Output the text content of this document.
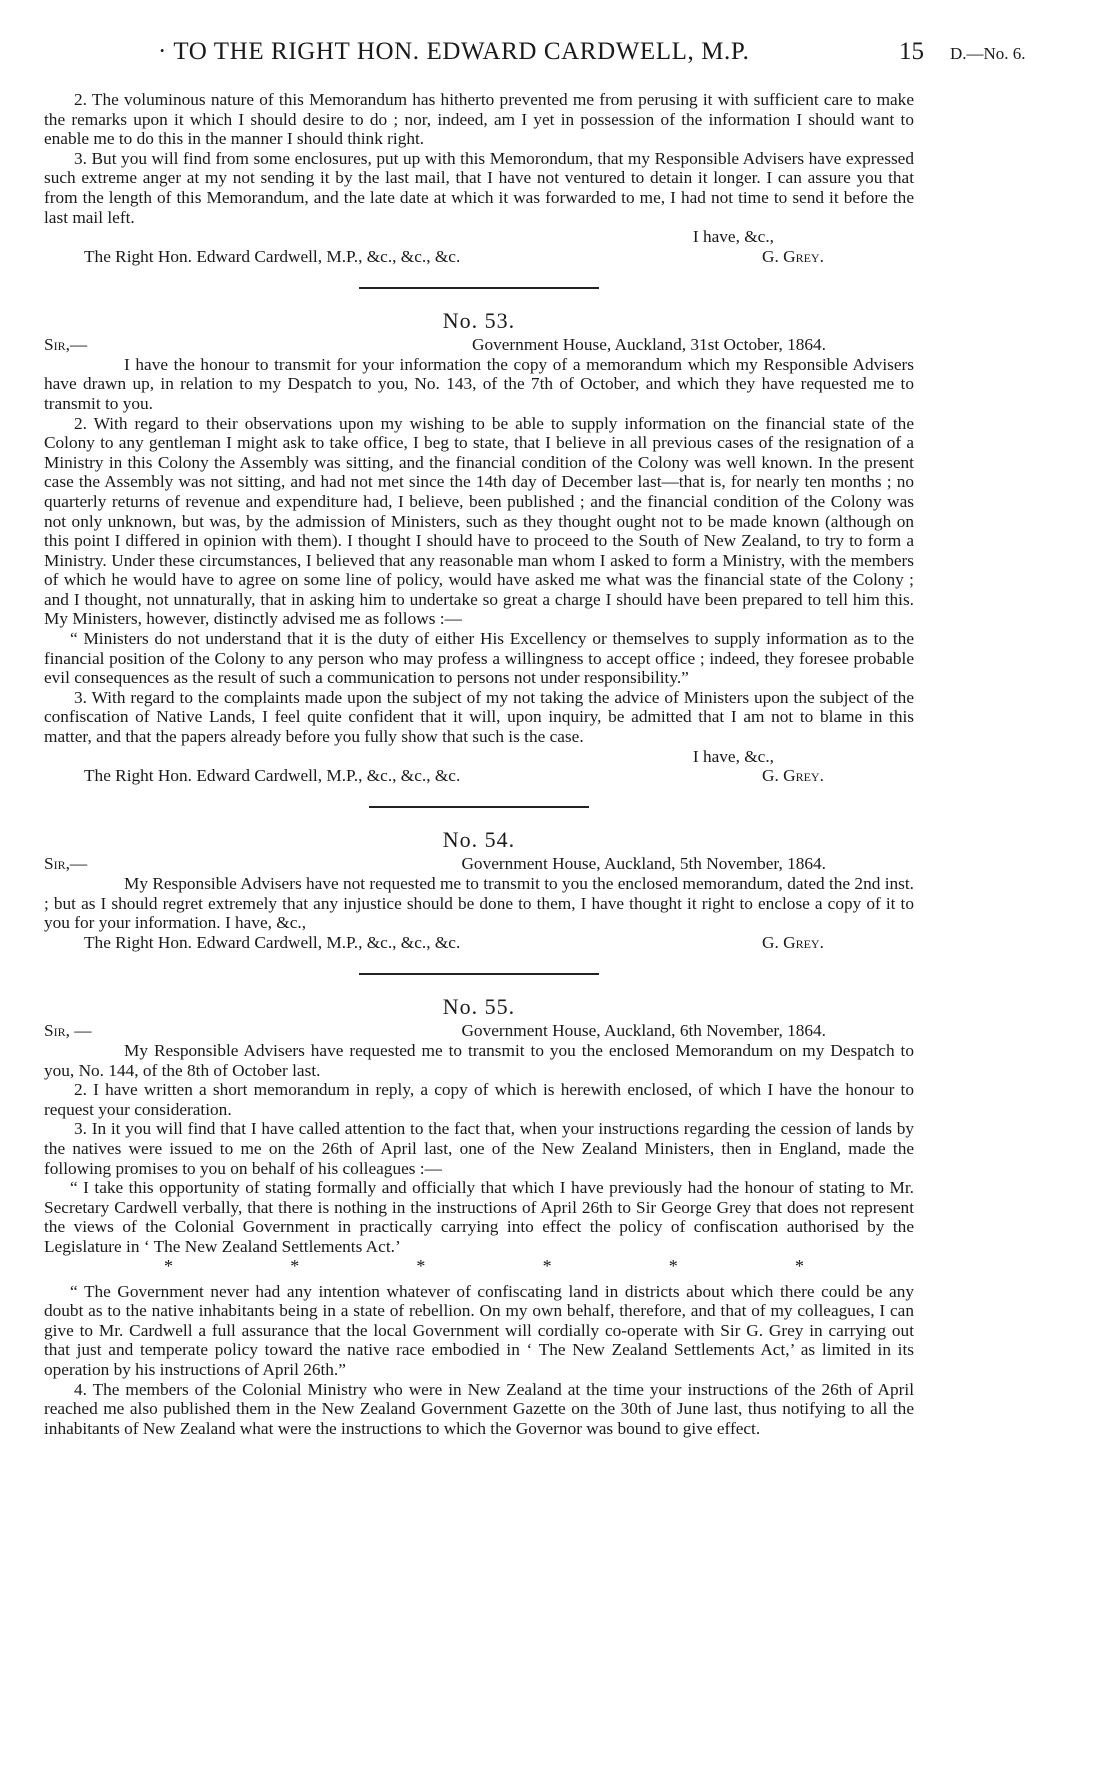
· TO THE RIGHT HON. EDWARD CARDWELL, M.P.	15 D.—No. 6.

2. The voluminous nature of this Memorandum has hitherto prevented me from perusing it with sufficient care to make the remarks upon it which I should desire to do ; nor, indeed, am I yet in possession of the information I should want to enable me to do this in the manner I should think right.

3. But you will find from some enclosures, put up with this Memorondum, that my Responsible Advisers have expressed such extreme anger at my not sending it by the last mail, that I have not ventured to detain it longer. I can assure you that from the length of this Memorandum, and the late date at which it was forwarded to me, I had not time to send it before the last mail left.

I have, &c.,

The Right Hon. Edward Cardwell, M.P., &c., &c., &c.	G. Grey.
No. 53.
Sir,—	Government House, Auckland, 31st October, 1864.

I have the honour to transmit for your information the copy of a memorandum which my Responsible Advisers have drawn up, in relation to my Despatch to you, No. 143, of the 7th of October, and which they have requested me to transmit to you.

2. With regard to their observations upon my wishing to be able to supply information on the financial state of the Colony to any gentleman I might ask to take office, I beg to state, that I believe in all previous cases of the resignation of a Ministry in this Colony the Assembly was sitting, and the financial condition of the Colony was well known. In the present case the Assembly was not sitting, and had not met since the 14th day of December last—that is, for nearly ten months ; no quarterly returns of revenue and expenditure had, I believe, been published ; and the financial condition of the Colony was not only unknown, but was, by the admission of Ministers, such as they thought ought not to be made known (although on this point I differed in opinion with them). I thought I should have to proceed to the South of New Zealand, to try to form a Ministry. Under these circumstances, I believed that any reasonable man whom I asked to form a Ministry, with the members of which he would have to agree on some line of policy, would have asked me what was the financial state of the Colony ; and I thought, not unnaturally, that in asking him to undertake so great a charge I should have been prepared to tell him this. My Ministers, however, distinctly advised me as follows :—

“ Ministers do not understand that it is the duty of either His Excellency or themselves to supply information as to the financial position of the Colony to any person who may profess a willingness to accept office ; indeed, they foresee probable evil consequences as the result of such a communication to persons not under responsibility.”

3. With regard to the complaints made upon the subject of my not taking the advice of Ministers upon the subject of the confiscation of Native Lands, I feel quite confident that it will, upon inquiry, be admitted that I am not to blame in this matter, and that the papers already before you fully show that such is the case.

I have, &c.,

The Right Hon. Edward Cardwell, M.P., &c., &c., &c.	G. Grey.
No. 54.
Sir,—	Government House, Auckland, 5th November, 1864.

My Responsible Advisers have not requested me to transmit to you the enclosed memorandum, dated the 2nd inst. ; but as I should regret extremely that any injustice should be done to them, I have thought it right to enclose a copy of it to you for your information. I have, &c.,

The Right Hon. Edward Cardwell, M.P., &c., &c., &c.	G. Grey.
No. 55.
Sir, —	Government House, Auckland, 6th November, 1864.

My Responsible Advisers have requested me to transmit to you the enclosed Memorandum on my Despatch to you, No. 144, of the 8th of October last.

2. I have written a short memorandum in reply, a copy of which is herewith enclosed, of which I have the honour to request your consideration.

3. In it you will find that I have called attention to the fact that, when your instructions regarding the cession of lands by the natives were issued to me on the 26th of April last, one of the New Zealand Ministers, then in England, made the following promises to you on behalf of his colleagues :—

“ I take this opportunity of stating formally and officially that which I have previously had the honour of stating to Mr. Secretary Cardwell verbally, that there is nothing in the instructions of April 26th to Sir George Grey that does not represent the views of the Colonial Government in practically carrying into effect the policy of confiscation authorised by the Legislature in ‘ The New Zealand Settlements Act.’

*	*	*	*	*	*

“ The Government never had any intention whatever of confiscating land in districts about which there could be any doubt as to the native inhabitants being in a state of rebellion. On my own behalf, therefore, and that of my colleagues, I can give to Mr. Cardwell a full assurance that the local Government will cordially co-operate with Sir G. Grey in carrying out that just and temperate policy toward the native race embodied in ‘ The New Zealand Settlements Act,’ as limited in its operation by his instructions of April 26th.”

4. The members of the Colonial Ministry who were in New Zealand at the time your instructions of the 26th of April reached me also published them in the New Zealand Government Gazette on the 30th of June last, thus notifying to all the inhabitants of New Zealand what were the instructions to which the Governor was bound to give effect.
